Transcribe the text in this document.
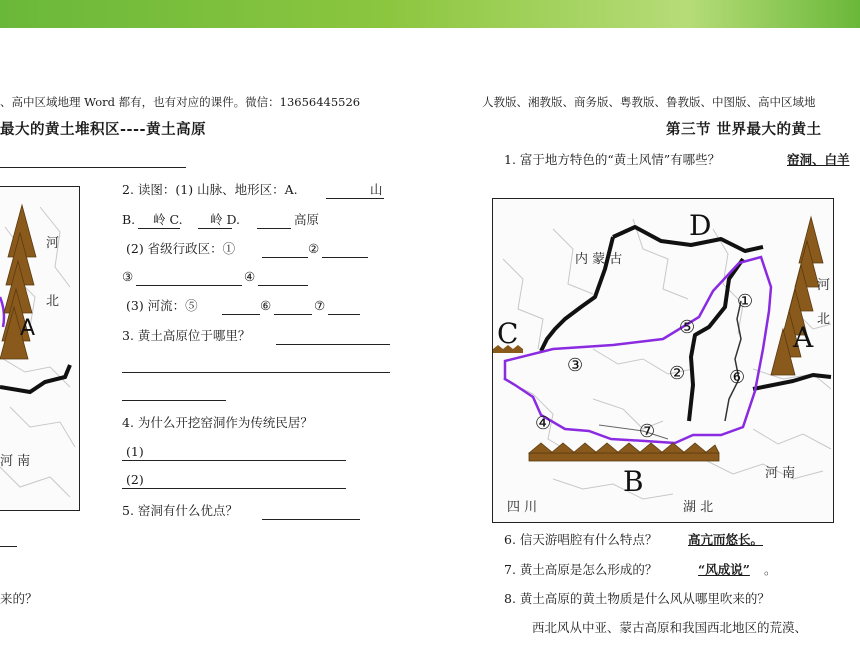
、高中区域地理 Word 都有，也有对应的课件。微信：13656445526
最大的黄土堆积区----黄土高原
河
北
A
河 南
2. 读图：(1) 山脉、地形区：A.	山
B. 岭 C. 岭 D.	高原
(2) 省级行政区：①	②
③	④
(3) 河流：⑤	⑥	⑦
3. 黄土高原位于哪里？
4. 为什么开挖窑洞作为传统民居？
(1)
(2)
5. 窑洞有什么优点？
来的？
人教版、湘教版、商务版、粤教版、鲁教版、中图版、高中区域地
第三节 世界最大的黄土
1. 富于地方特色的“黄土风情”有哪些？	窑洞、白羊
D
C	A
B
内 蒙 古
河
北
河 南
四 川	湖 北
①
②
③
④
⑤
⑥
⑦
6. 信天游唱腔有什么特点？ 高亢而悠长。
7. 黄土高原是怎么形成的？	“风成说” 。
8. 黄土高原的黄土物质是什么风从哪里吹来的？
西北风从中亚、蒙古高原和我国西北地区的荒漠、
